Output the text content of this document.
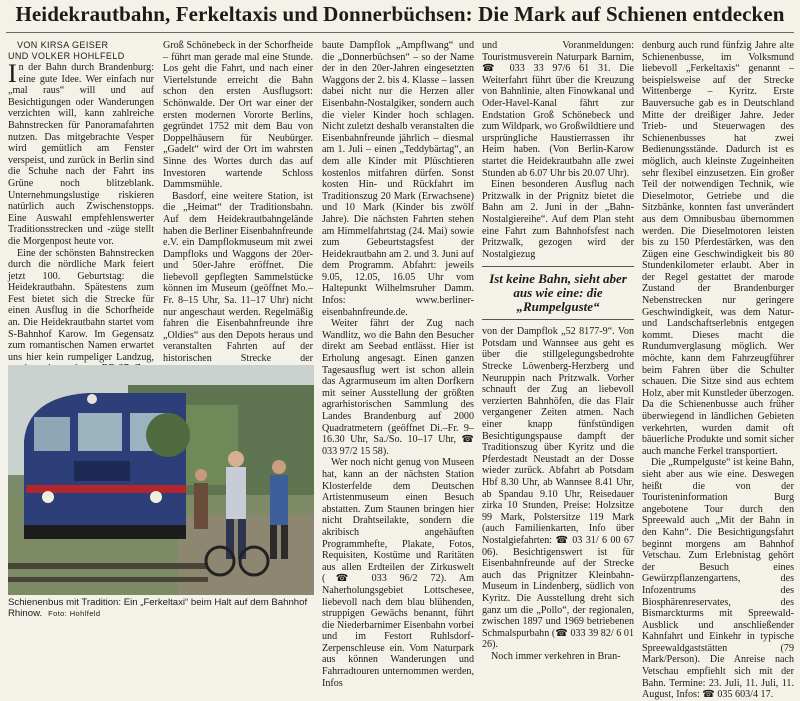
Heidekrautbahn, Ferkeltaxis und Donnerbüchsen: Die Mark auf Schienen entdecken

VON KIRSA GEISER
UND VOLKER HOHLFELD

In der Bahn durch Brandenburg: eine gute Idee. Wer einfach nur „mal raus“ will und auf Besichtigungen oder Wanderungen verzichten will, kann zahlreiche Bahnstrecken für Panoramafahrten nutzen. Das mitgebrachte Vesper wird gemütlich am Fenster verspeist, und zurück in Berlin sind die Schuhe nach der Fahrt ins Grüne noch blitzeblank. Unternehmungslustige riskieren natürlich auch Zwischenstopps. Eine Auswahl empfehlenswerter Traditionsstrecken und -züge stellt die Morgenpost heute vor.

Eine der schönsten Bahnstrecken durch die nördliche Mark feiert jetzt 100. Geburtstag: die Heidekrautbahn. Spätestens zum Fest bietet sich die Strecke für einen Ausflug in die Schorfheide an. Die Heidekrautbahn startet vom S-Bahnhof Karow. Im Gegensatz zum romantischen Namen erwartet uns hier kein rumpeliger Landzug,

Groß Schönebeck in der Schorfheide – führt man gerade mal eine Stunde. Los geht die Fahrt, und nach einer Viertelstunde erreicht die Bahn schon den ersten Ausflugsort: Schönwalde. Der Ort war einer der ersten modernen Vororte Berlins, gegründet 1752 mit dem Bau von Doppelhäusern für Neubürger. „Gadelt“ wird der Ort im wahrsten Sinne des Wortes durch das auf Investoren wartende Schloss Dammsmühle.

Basdorf, eine weitere Station, ist die „Heimat“ der Traditionsbahn. Auf dem Heidekrautbahngelände haben die Berliner Eisenbahnfreunde e.V. ein Dampflokmuseum mit zwei Dampfloks und Waggons der 20er- und 50er-Jahre eröffnet. Die liebevoll gepflegten Sammelstücke können im Museum (geöffnet Mo.–Fr. 8–15 Uhr, Sa. 11–17 Uhr) nicht nur angeschaut werden. Regelmäßig fahren die Eisenbahnfreunde ihre „Oldies“ aus den Depots heraus und veranstalten Fahrten auf der historischen Strecke der

Schienenbus mit Tradition: Ein „Ferkeltaxi“ beim Halt auf dem Bahnhof Rhinow. Foto: Hohlfeld

baute Dampflok „Ampflwang“ und die „Donnerbüchsen“ – so der Name der in den 20er-Jahren eingesetzten Waggons der 2. bis 4. Klasse – lassen dabei nicht nur die Herzen aller Eisenbahn-Nostalgiker, sondern auch die vieler Kinder hoch schlagen. Nicht zuletzt deshalb veranstalten die Eisenbahnfreunde jährlich – diesmal am 1. Juli – einen „Teddybärtag“, an dem alle Kinder mit Plüschtieren kostenlos mitfahren dürfen. Sonst kosten Hin- und Rückfahrt im Traditionszug 20 Mark (Erwachsene) und 10 Mark (Kinder bis zwölf Jahre). Die nächsten Fahrten stehen am Himmelfahrtstag (24. Mai) sowie zum Gebeurtstagsfest der Heidekrautbahn am 2. und 3. Juni auf dem Programm. Abfahrt: jeweils 9.05, 12.05, 16.05 Uhr vom Haltepunkt Wilhelmsruher Damm. Infos: www.berliner-eisenbahnfreunde.de.

Weiter fährt der Zug nach Wandlitz, wo die Bahn den Besucher direkt am Seebad entlässt. Hier ist Erholung angesagt. Einen ganzen Tagesausflug wert ist schon allein das Agrarmuseum im alten Dorfkern mit seiner Ausstellung der größten agrarhistorischen Sammlung des Landes Brandenburg auf 2000 Quadratmetern (geöffnet Di.–Fr. 9–16.30 Uhr, Sa./So. 10–17 Uhr, ☎ 033 97/2 15 58).

Wer noch nicht genug von Museen hat, kann an der nächsten Station Klosterfelde dem Deutschen Artistenmuseum einen Besuch abstatten. Zum Staunen bringen hier nicht Drahtseilakte, sondern die akribisch angehäuften Programmhefte, Plakate, Fotos, Requisiten, Kostüme und Raritäten aus allen Erdteilen der Zirkuswelt (☎ 033 96/2 72). Am Naherholungsgebiet Lottschesee, liebevoll nach dem blau blühenden, struppigen Gewächs benannt, führt die Niederbarnimer Eisenbahn vorbei und im Festort Ruhlsdorf-Zerpenschleuse ein. Vom Naturpark aus können Wanderungen und Fahrradtouren unternommen werden, Infos

und Voranmeldungen: Touristmusverein Naturpark Barnim, ☎ 033 33 97/6 61 31. Die Weiterfahrt führt über die Kreuzung von Bahnlinie, alten Finowkanal und Oder-Havel-Kanal fährt zur Endstation Groß Schönebeck und zum Wildpark, wo Großwildtiere und ursprüngliche Haustierrassen ihr Heim haben. (Von Berlin-Karow startet die Heidekrautbahn alle zwei Stunden ab 6.07 Uhr bis 20.07 Uhr).

Einen besonderen Ausflug nach Pritzwalk in der Prignitz bietet die Bahn am 2. Juni in der „Bahn-Nostalgiereihe“. Auf dem Plan steht eine Fahrt zum Bahnhofsfest nach Pritzwalk, gezogen wird der Nostalgiezug

Ist keine Bahn, sieht aber aus wie eine: die „Rumpelguste“

von der Dampflok „52 8177-9“. Von Potsdam und Wannsee aus geht es über die stillgelegungsbedrohte Strecke Löwenberg-Herzberg und Neuruppin nach Pritzwalk. Vorher schnauft der Zug an liebevoll verzierten Bahnhöfen, die das Flair vergangener Zeiten atmen. Nach einer knapp fünfstündigen Besichtigungspause dampft der Traditionszug über Kyritz und die Pferdestadt Neustadt an der Dosse wieder zurück. Abfahrt ab Potsdam Hbf 8.30 Uhr, ab Wannsee 8.41 Uhr, ab Spandau 9.10 Uhr, Reisedauer zirka 10 Stunden, Preise: Holzsitze 99 Mark, Polstersitze 119 Mark (auch Familienkarten, Info über Nostalgiefahrten: ☎ 03 31/ 6 00 67 06). Besichtigenswert ist für Eisenbahnfreunde auf der Strecke auch das Prignitzer Kleinbahn-Museum in Lindenberg, südlich von Kyritz. Die Ausstellung dreht sich ganz um die „Pollo“, der regionalen, zwischen 1897 und 1969 betriebenen Schmalspurbahn (☎ 033 39 82/ 6 01 26).

Noch immer verkehren in Bran-

denburg auch rund fünfzig Jahre alte Schienenbusse, im Volksmund liebevoll „Ferkeltaxis“ genannt – beispielsweise auf der Strecke Wittenberge – Kyritz. Erste Bauversuche gab es in Deutschland Mitte der dreißiger Jahre. Jeder Trieb- und Steuerwagen des Schienenbusses hat zwei Bedienungsstände. Dadurch ist es möglich, auch kleinste Zugeinheiten sehr flexibel einzusetzen. Ein großer Teil der notwendigen Technik, wie Dieselmotor, Getriebe und die Sitzbänke, konnten fast unverändert aus dem Omnibusbau übernommen werden. Die Dieselmotoren leisten bis zu 150 Pferdestärken, was den Zügen eine Geschwindigkeit bis 80 Stundenkilometer erlaubt. Aber in der Regel gestattet der marode Zustand der Brandenburger Nebenstrecken nur geringere Geschwindigkeit, was dem Natur- und Landschaftserlebnis entgegen kommt. Dieses macht die Rundumverglasung möglich. Wer möchte, kann dem Fahrzeugführer beim Fahren über die Schulter schauen. Die Sitze sind aus echtem Holz, aber mit Kunstleder überzogen. Da die Schienenbusse auch früher überwiegend in ländlichen Gebieten verkehrten, wurden damit oft bäuerliche Produkte und somit sicher auch manche Ferkel transportiert.

Die „Rumpelguste“ ist keine Bahn, sieht aber aus wie eine. Deswegen heißt die von der Touristeninformation Burg angebotene Tour durch den Spreewald auch „Mit der Bahn in den Kahn“. Die Besichtigungsfahrt beginnt morgens am Bahnhof Vetschau. Zum Erlebnistag gehört der Besuch eines Gewürzpflanzengartens, des Infozentrums des Biosphärenreservates, des Bismarckturms mit Spreewald-Ausblick und anschließender Kahnfahrt und Einkehr in typische Spreewaldgaststätten (79 Mark/Person). Die Anreise nach Vetschau empfiehlt sich mit der Bahn. Termine: 23. Juli, 11. Juli, 11. August, Infos: ☎ 035 603/4 17.
